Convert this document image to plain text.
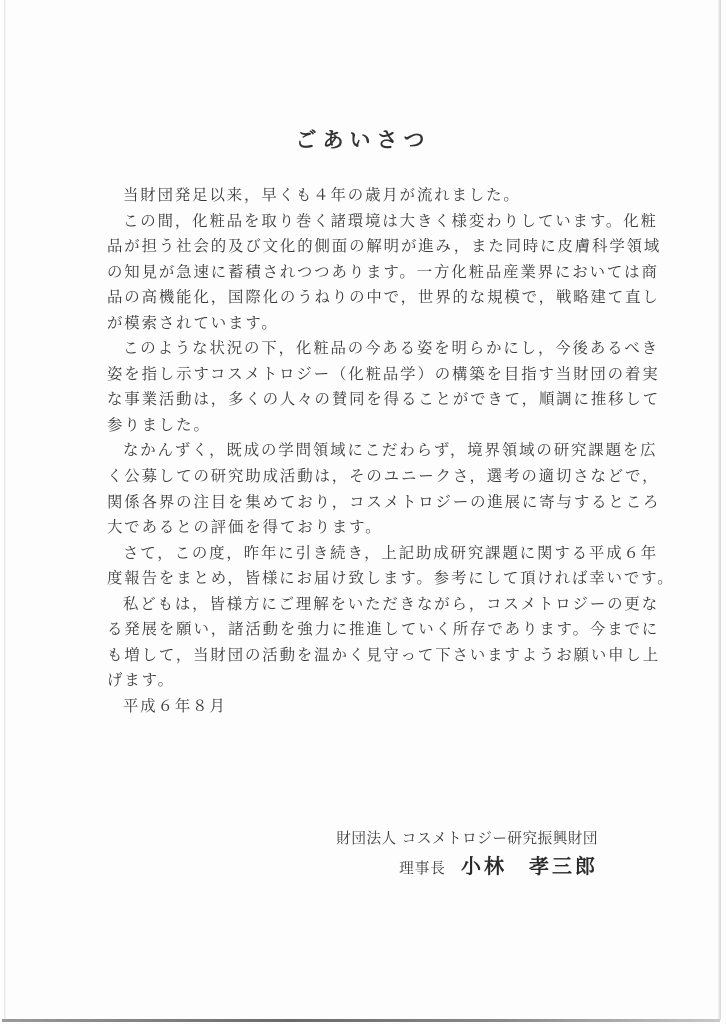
ごあいさつ
当財団発足以来，早くも４年の歳月が流れました。
この間，化粧品を取り巻く諸環境は大きく様変わりしています。化粧
品が担う社会的及び文化的側面の解明が進み，また同時に皮膚科学領域
の知見が急速に蓄積されつつあります。一方化粧品産業界においては商
品の高機能化，国際化のうねりの中で，世界的な規模で，戦略建て直し
が模索されています。
このような状況の下，化粧品の今ある姿を明らかにし，今後あるべき
姿を指し示すコスメトロジー（化粧品学）の構築を目指す当財団の着実
な事業活動は，多くの人々の賛同を得ることができて，順調に推移して
参りました。
なかんずく，既成の学問領域にこだわらず，境界領域の研究課題を広
く公募しての研究助成活動は，そのユニークさ，選考の適切さなどで，
関係各界の注目を集めており，コスメトロジーの進展に寄与するところ
大であるとの評価を得ております。
さて，この度，昨年に引き続き，上記助成研究課題に関する平成６年
度報告をまとめ，皆様にお届け致します。参考にして頂ければ幸いです。
私どもは，皆様方にご理解をいただきながら，コスメトロジーの更な
る発展を願い，諸活動を強力に推進していく所存であります。今までに
も増して，当財団の活動を温かく見守って下さいますようお願い申し上
げます。
平成６年８月
財団法人 コスメトロジー研究振興財団
理事長 小林 孝三郎
